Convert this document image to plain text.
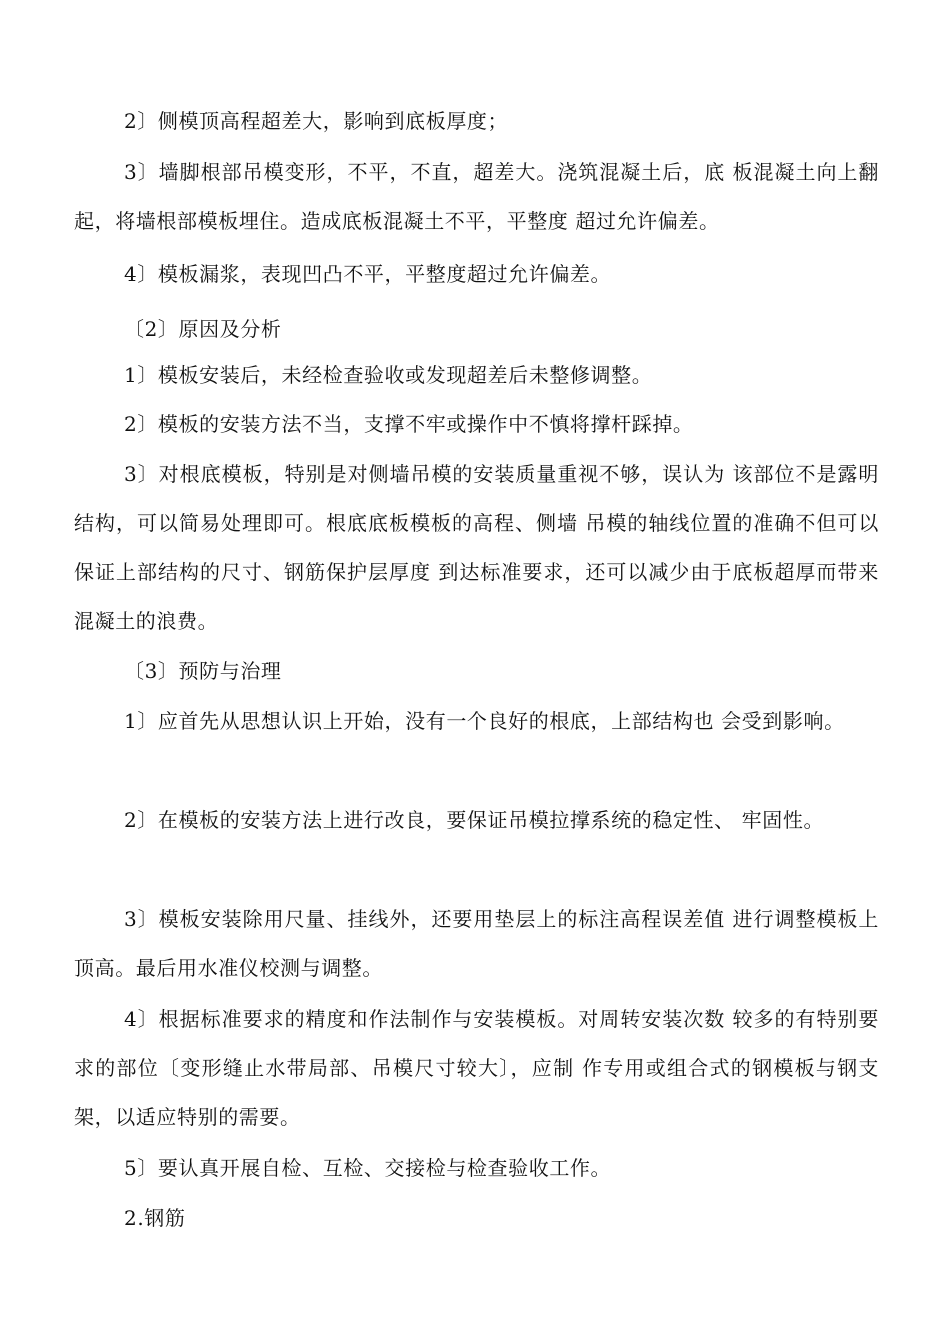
2〕侧模顶高程超差大，影响到底板厚度；
3〕墙脚根部吊模变形，不平，不直，超差大。浇筑混凝土后，底 板混凝土向上翻起，将墙根部模板埋住。造成底板混凝土不平，平整度 超过允许偏差。
4〕模板漏浆，表现凹凸不平，平整度超过允许偏差。
〔2〕原因及分析
1〕模板安装后，未经检查验收或发现超差后未整修调整。
2〕模板的安装方法不当，支撑不牢或操作中不慎将撑杆踩掉。
3〕对根底模板，特别是对侧墙吊模的安装质量重视不够，误认为 该部位不是露明结构，可以简易处理即可。根底底板模板的高程、侧墙 吊模的轴线位置的准确不但可以保证上部结构的尺寸、钢筋保护层厚度 到达标准要求，还可以减少由于底板超厚而带来混凝土的浪费。
〔3〕预防与治理
1〕应首先从思想认识上开始，没有一个良好的根底，上部结构也 会受到影响。
2〕在模板的安装方法上进行改良，要保证吊模拉撑系统的稳定性、 牢固性。
3〕模板安装除用尺量、挂线外，还要用垫层上的标注高程误差值 进行调整模板上顶高。最后用水准仪校测与调整。
4〕根据标准要求的精度和作法制作与安装模板。对周转安装次数 较多的有特别要求的部位〔变形缝止水带局部、吊模尺寸较大〕，应制 作专用或组合式的钢模板与钢支架，以适应特别的需要。
5〕要认真开展自检、互检、交接检与检查验收工作。
2.钢筋
